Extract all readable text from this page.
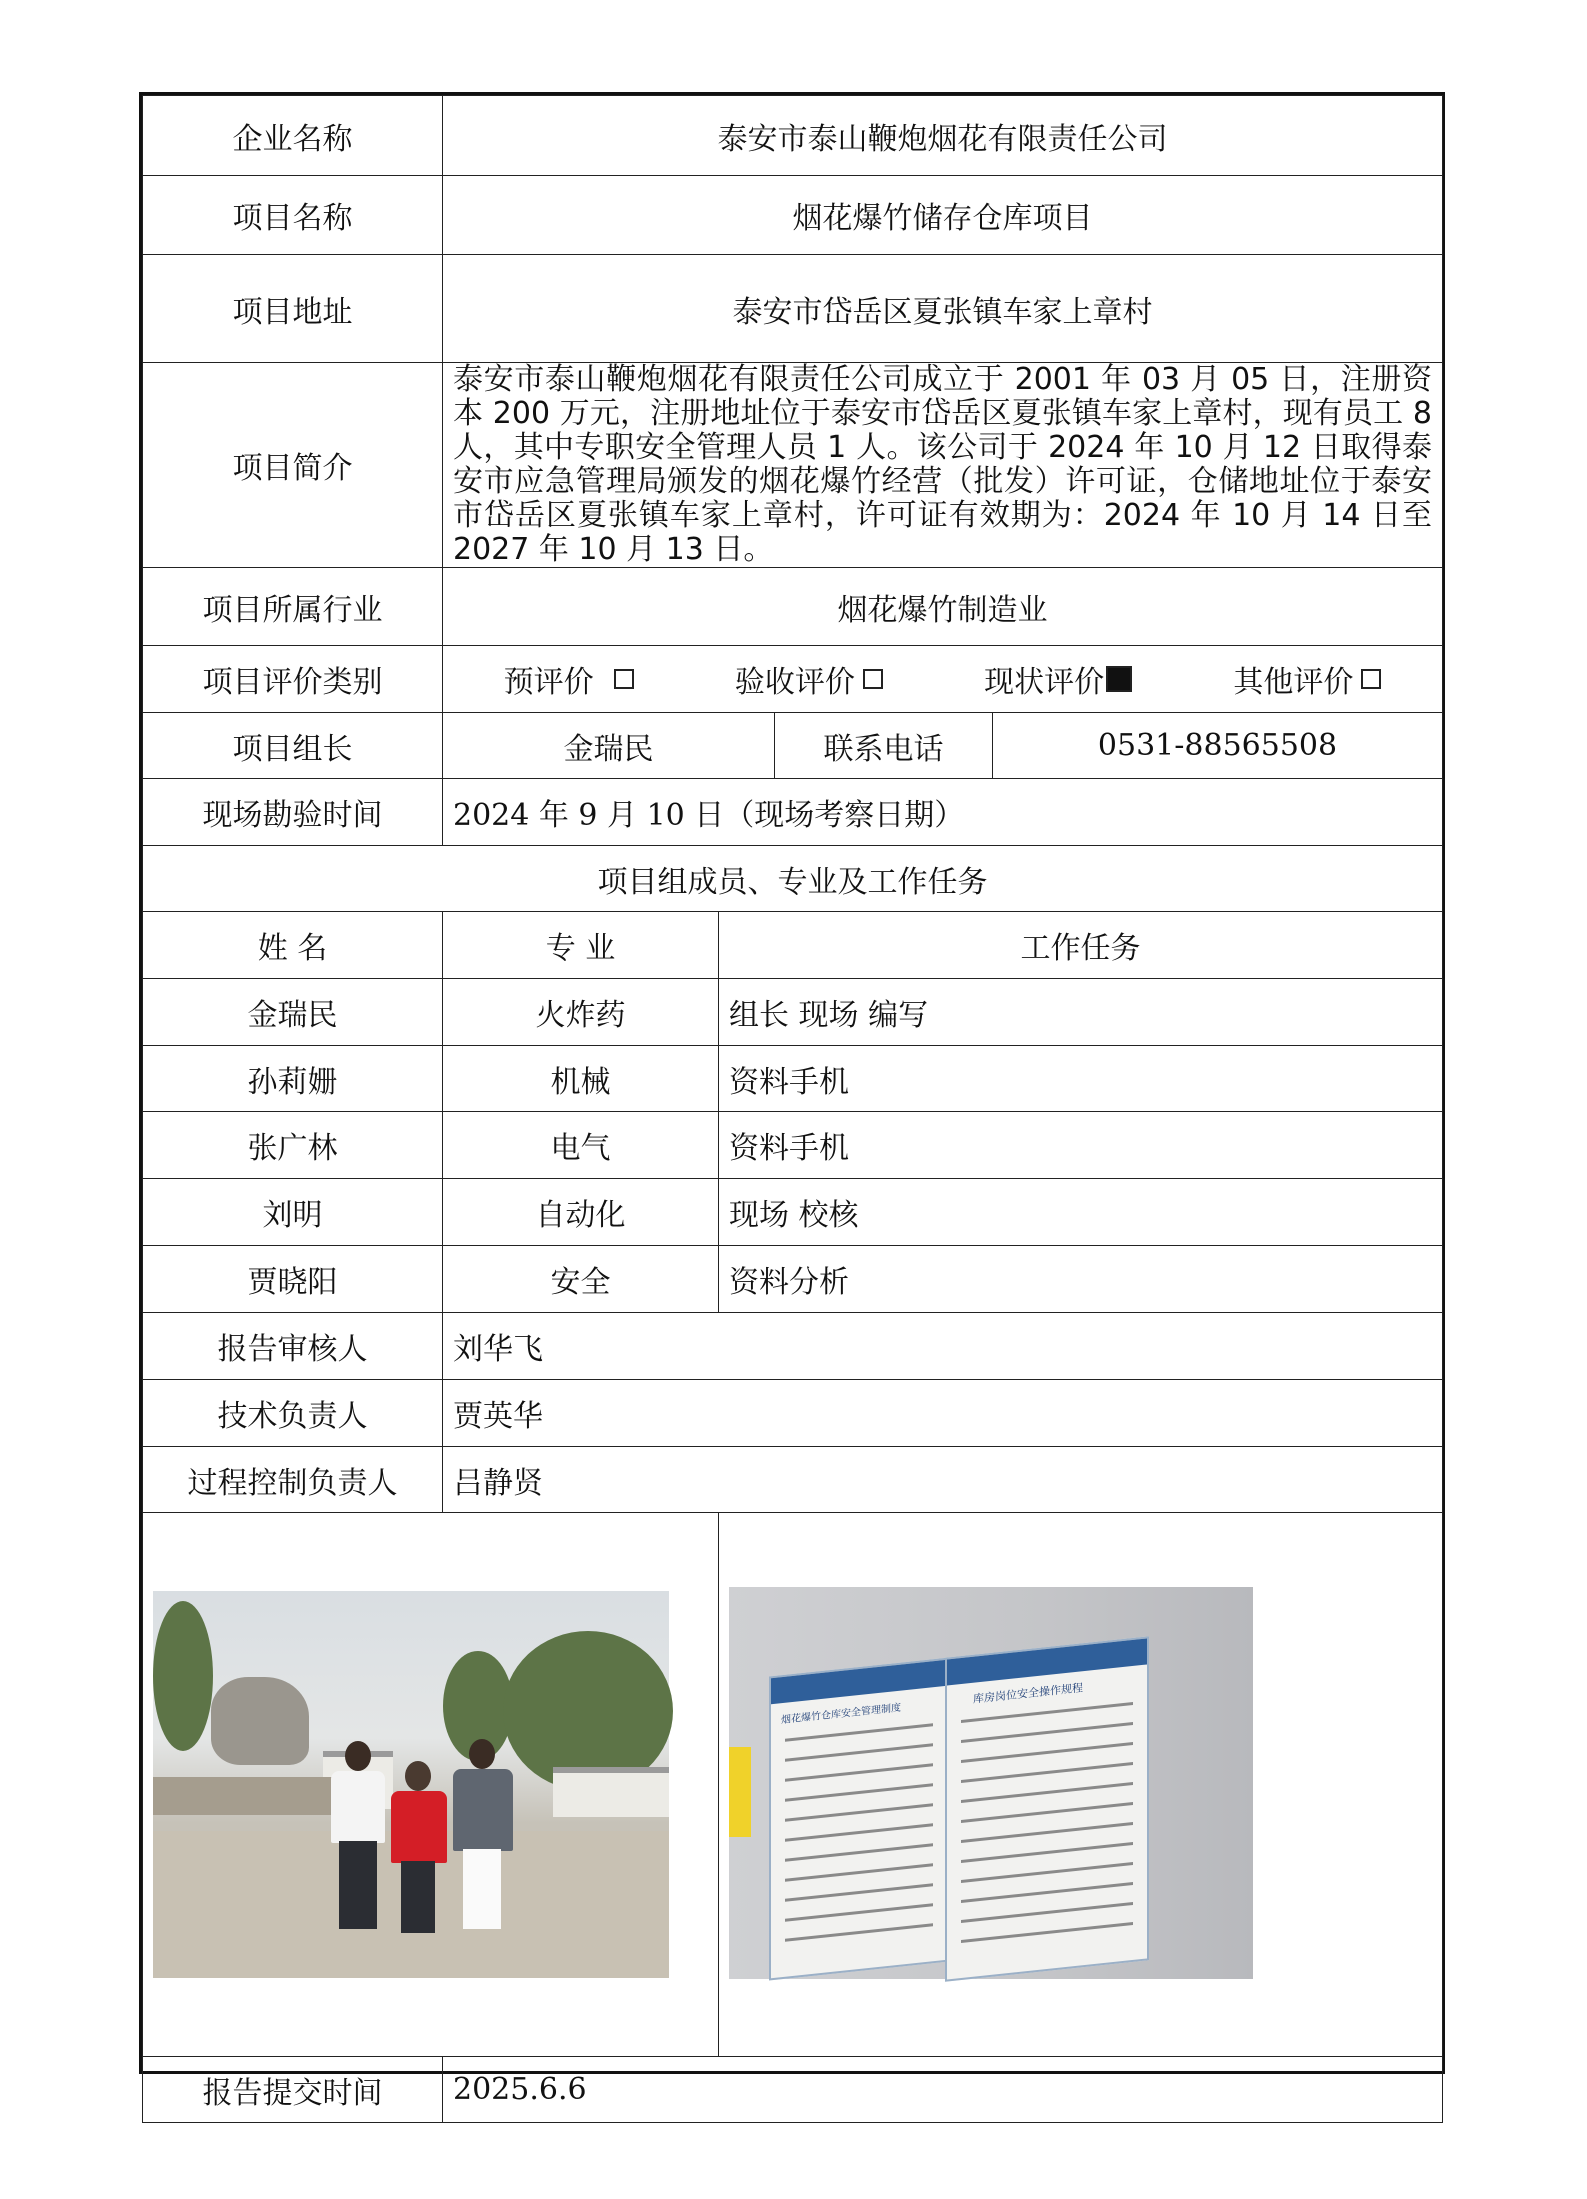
企业名称	泰安市泰山鞭炮烟花有限责任公司			
项目名称	烟花爆竹储存仓库项目			
项目地址	泰安市岱岳区夏张镇车家上章村			
项目简介	泰安市泰山鞭炮烟花有限责任公司成立于 2001 年 03 月 05 日，注册资本 200 万元，注册地址位于泰安市岱岳区夏张镇车家上章村，现有员工 8 人，其中专职安全管理人员 1 人。该公司于 2024 年 10 月 12 日取得泰安市应急管理局颁发的烟花爆竹经营（批发）许可证，仓储地址位于泰安市岱岳区夏张镇车家上章村，许可证有效期为：2024 年 10 月 14 日至 2027 年 10 月 13 日。			
项目所属行业	烟花爆竹制造业			
项目评价类别	预评价 验收评价 现状评价 其他评价			

项目组长	金瑞民		联系电话	0531-88565508
现场勘验时间	2024 年 9 月 10 日（现场考察日期）			
项目组成员、专业及工作任务				
姓 名	专 业	工作任务		
金瑞民	火炸药	组长 现场 编写		
孙莉姗	机械	资料手机		
张广林	电气	资料手机		
刘明	自动化	现场 校核		
贾晓阳	安全	资料分析		
报告审核人	刘华飞			
技术负责人	贾英华			
过程控制负责人	吕静贤			

		烟花爆竹仓库安全管理制度
库房岗位安全操作规程		

报告提交时间	2025.6.6			
